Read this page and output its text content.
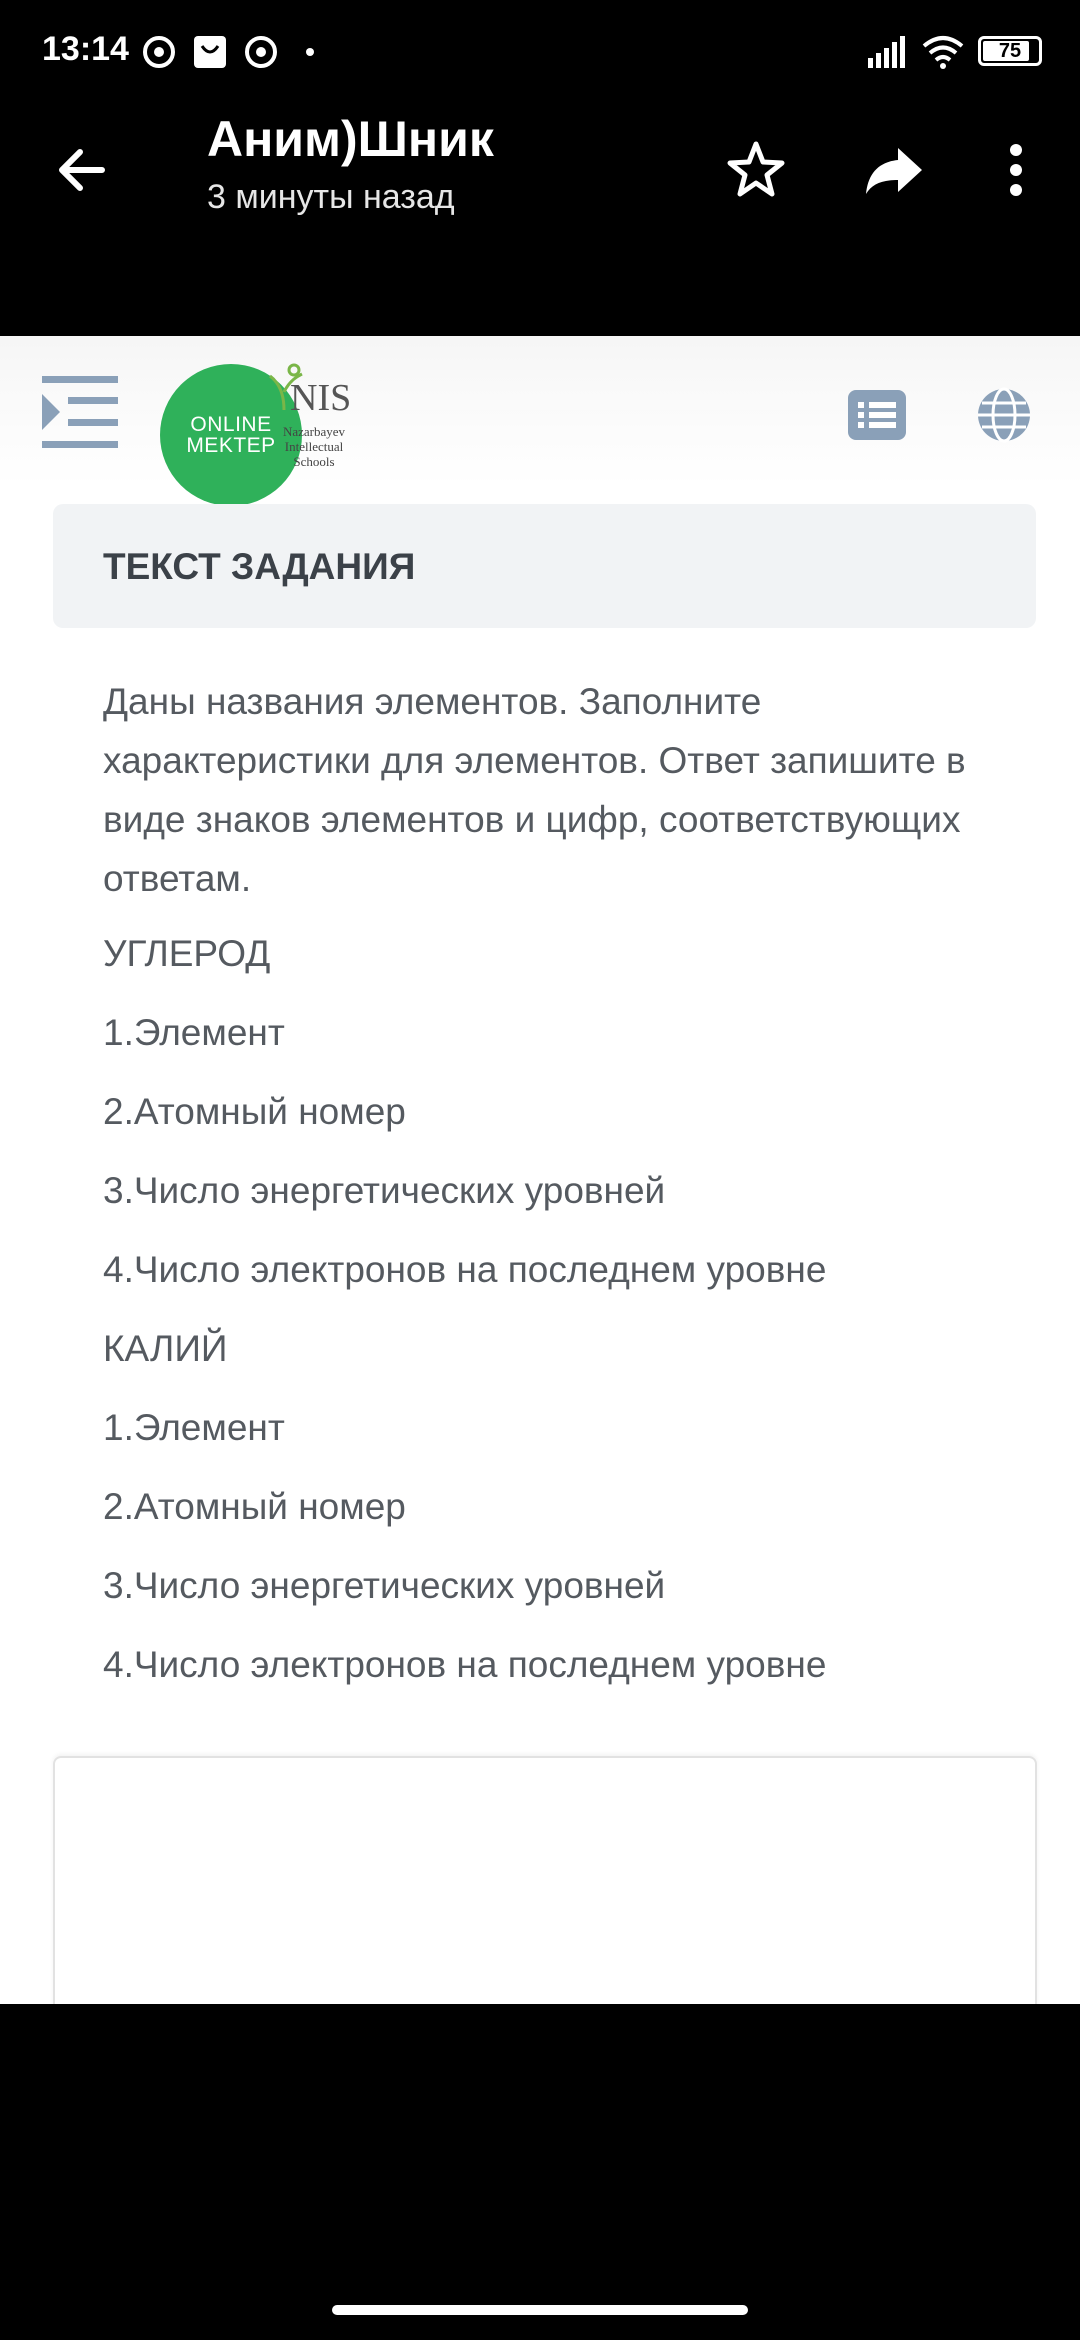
13:14	75
Аним)Шник
3 минуты назад
ONLINE
MEKTEP
NIS
Nazarbayev
Intellectual
Schools
ТЕКСТ ЗАДАНИЯ
Даны названия элементов. Заполните характеристики для элементов. Ответ запишите в виде знаков элементов и цифр, соответствующих ответам.
УГЛЕРОД
1.Элемент
2.Атомный номер
3.Число энергетических уровней
4.Число электронов на последнем уровне
КАЛИЙ
1.Элемент
2.Атомный номер
3.Число энергетических уровней
4.Число электронов на последнем уровне
